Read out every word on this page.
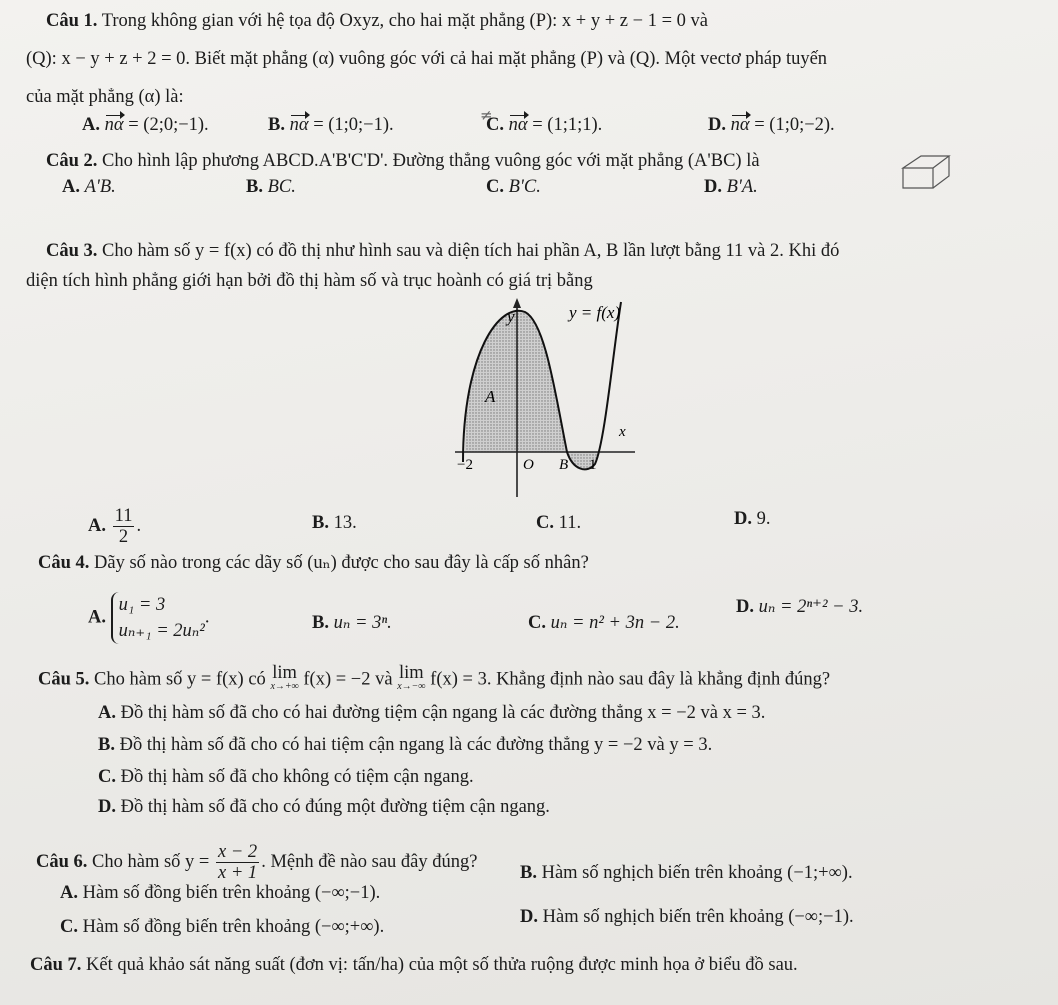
Câu 1. Trong không gian với hệ tọa độ Oxyz, cho hai mặt phẳng (P): x + y + z − 1 = 0 và
(Q): x − y + z + 2 = 0. Biết mặt phẳng (α) vuông góc với cả hai mặt phẳng (P) và (Q). Một vectơ pháp tuyến
của mặt phẳng (α) là:
A. nα = (2;0;−1).	B. nα = (1;0;−1).	C. nα = (1;1;1).	D. nα = (1;0;−2).
≠
Câu 2. Cho hình lập phương ABCD.A'B'C'D'. Đường thẳng vuông góc với mặt phẳng (A'BC) là
A. A'B.	B. BC.	C. B'C.	D. B'A.
Câu 3. Cho hàm số y = f(x) có đồ thị như hình sau và diện tích hai phần A, B lần lượt bằng 11 và 2. Khi đó
diện tích hình phẳng giới hạn bởi đồ thị hàm số và trục hoành có giá trị bằng
y	y = f(x)
x
A
B
−2	O	1
A. $\frac{11}{2}$ .	B. 13.	C. 11.	D. 9.
Câu 4. Dãy số nào trong các dãy số (uₙ) được cho sau đây là cấp số nhân?
A.
u₁ = 3
uₙ₊₁ = 2uₙ²
.	B. uₙ = 3ⁿ.	C. uₙ = n² + 3n − 2.
D. uₙ = 2ⁿ⁺² − 3.
Câu 5. Cho hàm số y = f(x) có lim
x→+∞ f(x) = −2 và lim
x→−∞ f(x) = 3. Khẳng định nào sau đây là khẳng định đúng?
A. Đồ thị hàm số đã cho có hai đường tiệm cận ngang là các đường thẳng x = −2 và x = 3.
B. Đồ thị hàm số đã cho có hai tiệm cận ngang là các đường thẳng y = −2 và y = 3.
C. Đồ thị hàm số đã cho không có tiệm cận ngang.
D. Đồ thị hàm số đã cho có đúng một đường tiệm cận ngang.
Câu 6. Cho hàm số $y = \frac{x - 2}{x + 1}$ . Mệnh đề nào sau đây đúng?
A. Hàm số đồng biến trên khoảng (−∞;−1).
B. Hàm số nghịch biến trên khoảng (−1;+∞).
C. Hàm số đồng biến trên khoảng (−∞;+∞).	D. Hàm số nghịch biến trên khoảng (−∞;−1).
Câu 7. Kết quả khảo sát năng suất (đơn vị: tấn/ha) của một số thửa ruộng được minh họa ở biểu đồ sau.
